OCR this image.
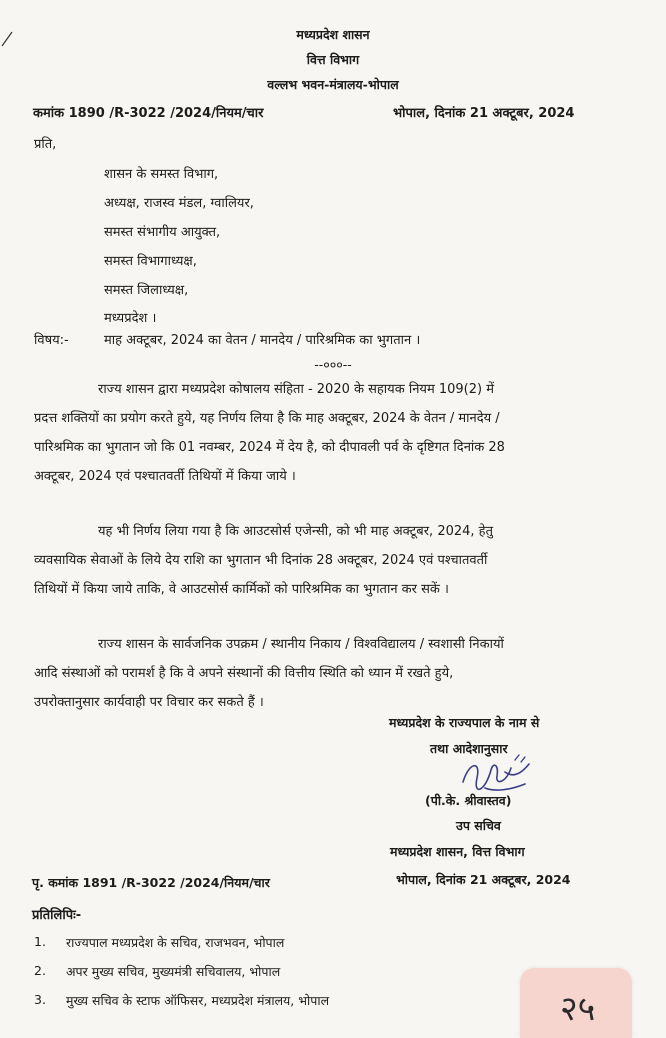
मध्यप्रदेश शासन
वित्त विभाग
वल्लभ भवन-मंत्रालय-भोपाल
कमांक 1890 /R-3022 /2024/नियम/चार	भोपाल, दिनांक 21 अक्टूबर, 2024
प्रति,
शासन के समस्त विभाग,
अध्यक्ष, राजस्व मंडल, ग्वालियर,
समस्त संभागीय आयुक्त,
समस्त विभागाध्यक्ष,
समस्त जिलाध्यक्ष,
मध्यप्रदेश ।
विषय:-	माह अक्टूबर, 2024 का वेतन / मानदेय / पारिश्रमिक का भुगतान ।
--०००--
राज्य शासन द्वारा मध्यप्रदेश कोषालय संहिता - 2020 के सहायक नियम 109(2) में
प्रदत्त शक्तियों का प्रयोग करते हुये, यह निर्णय लिया है कि माह अक्टूबर, 2024 के वेतन / मानदेय /
पारिश्रमिक का भुगतान जो कि 01 नवम्बर, 2024 में देय है, को दीपावली पर्व के दृष्टिगत दिनांक 28
अक्टूबर, 2024 एवं पश्चातवर्ती तिथियों में किया जाये ।
यह भी निर्णय लिया गया है कि आउटसोर्स एजेन्सी, को भी माह अक्टूबर, 2024, हेतु
व्यवसायिक सेवाओं के लिये देय राशि का भुगतान भी दिनांक 28 अक्टूबर, 2024 एवं पश्चातवर्ती
तिथियों में किया जाये ताकि, वे आउटसोर्स कार्मिकों को पारिश्रमिक का भुगतान कर सकें ।
राज्य शासन के सार्वजनिक उपक्रम / स्थानीय निकाय / विश्वविद्यालय / स्वशासी निकायों
आदि संस्थाओं को परामर्श है कि वे अपने संस्थानों की वित्तीय स्थिति को ध्यान में रखते हुये,
उपरोक्तानुसार कार्यवाही पर विचार कर सकते हैं ।
मध्यप्रदेश के राज्यपाल के नाम से
तथा आदेशानुसार
(पी.के. श्रीवास्तव)
उप सचिव
मध्यप्रदेश शासन, वित्त विभाग
पृ. कमांक 1891 /R-3022 /2024/नियम/चार	भोपाल, दिनांक 21 अक्टूबर, 2024
प्रतिलिपिः-
1. राज्यपाल मध्यप्रदेश के सचिव, राजभवन, भोपाल
2. अपर मुख्य सचिव, मुख्यमंत्री सचिवालय, भोपाल
3. मुख्य सचिव के स्टाफ ऑफिसर, मध्यप्रदेश मंत्रालय, भोपाल	२५
